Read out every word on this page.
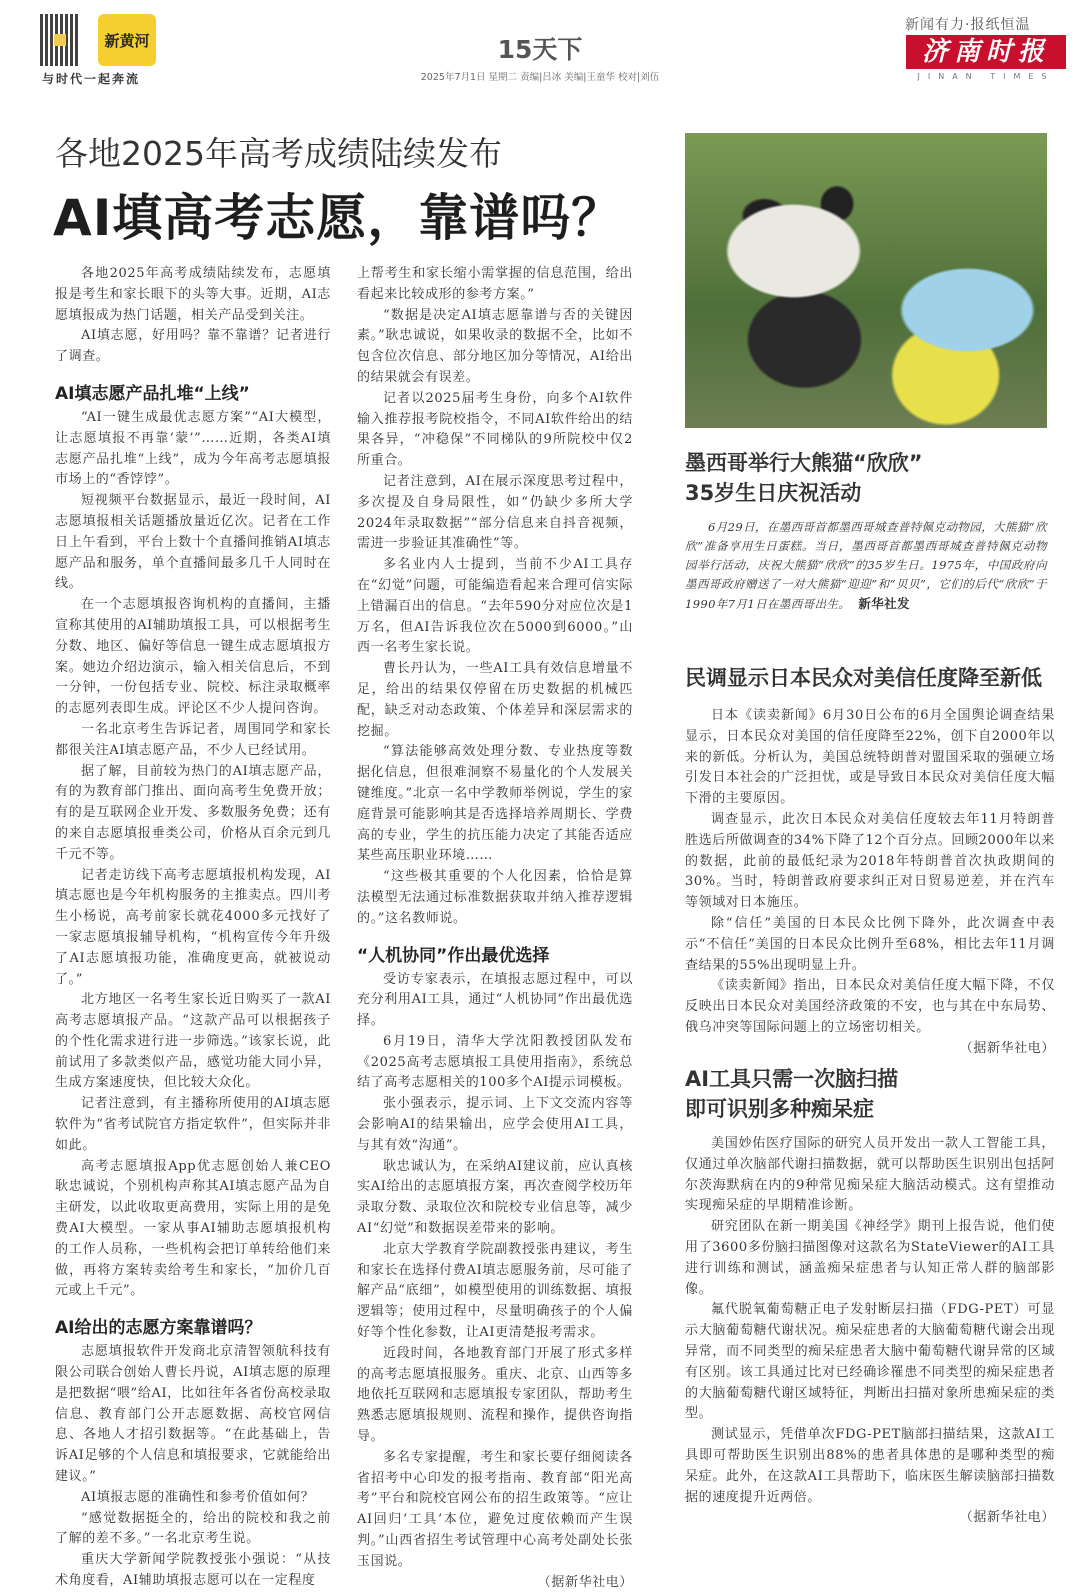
新黄河
与时代一起奔流
15天下
2025年7月1日 星期二 责编|吕冰 美编|王童华 校对|刘伍
新闻有力·报纸恒温
济南时报
JINAN TIMES
各地2025年高考成绩陆续发布
AI填高考志愿，靠谱吗？

各地2025年高考成绩陆续发布，志愿填报是考生和家长眼下的头等大事。近期，AI志愿填报成为热门话题，相关产品受到关注。

AI填志愿，好用吗？靠不靠谱？记者进行了调查。

AI填志愿产品扎堆“上线”

“AI一键生成最优志愿方案”“AI大模型，让志愿填报不再靠‘蒙’”……近期，各类AI填志愿产品扎堆“上线”，成为今年高考志愿填报市场上的“香饽饽”。

短视频平台数据显示，最近一段时间，AI志愿填报相关话题播放量近亿次。记者在工作日上午看到，平台上数十个直播间推销AI填志愿产品和服务，单个直播间最多几千人同时在线。

在一个志愿填报咨询机构的直播间，主播宣称其使用的AI辅助填报工具，可以根据考生分数、地区、偏好等信息一键生成志愿填报方案。她边介绍边演示，输入相关信息后，不到一分钟，一份包括专业、院校、标注录取概率的志愿列表即生成。评论区不少人提问咨询。

一名北京考生告诉记者，周围同学和家长都很关注AI填志愿产品，不少人已经试用。

据了解，目前较为热门的AI填志愿产品，有的为教育部门推出、面向高考生免费开放；有的是互联网企业开发、多数服务免费；还有的来自志愿填报垂类公司，价格从百余元到几千元不等。

记者走访线下高考志愿填报机构发现，AI填志愿也是今年机构服务的主推卖点。四川考生小杨说，高考前家长就花4000多元找好了一家志愿填报辅导机构，“机构宣传今年升级了AI志愿填报功能，准确度更高，就被说动了。”

北方地区一名考生家长近日购买了一款AI高考志愿填报产品。“这款产品可以根据孩子的个性化需求进行进一步筛选。”该家长说，此前试用了多款类似产品，感觉功能大同小异，生成方案速度快，但比较大众化。

记者注意到，有主播称所使用的AI填志愿软件为“省考试院官方指定软件”，但实际并非如此。

高考志愿填报App优志愿创始人兼CEO耿忠诚说，个别机构声称其AI填志愿产品为自主研发，以此收取更高费用，实际上用的是免费AI大模型。一家从事AI辅助志愿填报机构的工作人员称，一些机构会把订单转给他们来做，再将方案转卖给考生和家长，“加价几百元或上千元”。

AI给出的志愿方案靠谱吗？

志愿填报软件开发商北京清智领航科技有限公司联合创始人曹长丹说，AI填志愿的原理是把数据“喂”给AI，比如往年各省份高校录取信息、教育部门公开志愿数据、高校官网信息、各地人才招引数据等。“在此基础上，告诉AI足够的个人信息和填报要求，它就能给出建议。”

AI填报志愿的准确性和参考价值如何？

“感觉数据挺全的，给出的院校和我之前了解的差不多。”一名北京考生说。

重庆大学新闻学院教授张小强说：“从技术角度看，AI辅助填报志愿可以在一定程度

上帮考生和家长缩小需掌握的信息范围，给出看起来比较成形的参考方案。”

“数据是决定AI填志愿靠谱与否的关键因素。”耿忠诚说，如果收录的数据不全，比如不包含位次信息、部分地区加分等情况，AI给出的结果就会有误差。

记者以2025届考生身份，向多个AI软件输入推荐报考院校指令，不同AI软件给出的结果各异，“冲稳保”不同梯队的9所院校中仅2所重合。

记者注意到，AI在展示深度思考过程中，多次提及自身局限性，如“仍缺少多所大学2024年录取数据”“部分信息来自抖音视频，需进一步验证其准确性”等。

多名业内人士提到，当前不少AI工具存在“幻觉”问题，可能编造看起来合理可信实际上错漏百出的信息。“去年590分对应位次是1万名，但AI告诉我位次在5000到6000。”山西一名考生家长说。

曹长丹认为，一些AI工具有效信息增量不足，给出的结果仅停留在历史数据的机械匹配，缺乏对动态政策、个体差异和深层需求的挖掘。

“算法能够高效处理分数、专业热度等数据化信息，但很难洞察不易量化的个人发展关键维度。”北京一名中学教师举例说，学生的家庭背景可能影响其是否选择培养周期长、学费高的专业，学生的抗压能力决定了其能否适应某些高压职业环境……

“这些极其重要的个人化因素，恰恰是算法模型无法通过标准数据获取并纳入推荐逻辑的。”这名教师说。

“人机协同”作出最优选择

受访专家表示，在填报志愿过程中，可以充分利用AI工具，通过“人机协同”作出最优选择。

6月19日，清华大学沈阳教授团队发布《2025高考志愿填报工具使用指南》，系统总结了高考志愿相关的100多个AI提示词模板。

张小强表示，提示词、上下文交流内容等会影响AI的结果输出，应学会使用AI工具，与其有效“沟通”。

耿忠诚认为，在采纳AI建议前，应认真核实AI给出的志愿填报方案，再次查阅学校历年录取分数、录取位次和院校专业信息等，减少AI“幻觉”和数据误差带来的影响。

北京大学教育学院副教授张冉建议，考生和家长在选择付费AI填志愿服务前，尽可能了解产品“底细”，如模型使用的训练数据、填报逻辑等；使用过程中，尽量明确孩子的个人偏好等个性化参数，让AI更清楚报考需求。

近段时间，各地教育部门开展了形式多样的高考志愿填报服务。重庆、北京、山西等多地依托互联网和志愿填报专家团队，帮助考生熟悉志愿填报规则、流程和操作，提供咨询指导。

多名专家提醒，考生和家长要仔细阅读各省招考中心印发的报考指南、教育部“阳光高考”平台和院校官网公布的招生政策等。“应让AI回归‘工具’本位，避免过度依赖而产生误判。”山西省招生考试管理中心高考处副处长张玉国说。

（据新华社电）

墨西哥举行大熊猫“欣欣”
35岁生日庆祝活动

6月29日，在墨西哥首都墨西哥城查普特佩克动物园，大熊猫“欣欣”准备享用生日蛋糕。当日，墨西哥首都墨西哥城查普特佩克动物园举行活动，庆祝大熊猫“欣欣”的35岁生日。1975年，中国政府向墨西哥政府赠送了一对大熊猫“迎迎”和“贝贝”，它们的后代“欣欣”于1990年7月1日在墨西哥出生。 新华社发

民调显示日本民众对美信任度降至新低

日本《读卖新闻》6月30日公布的6月全国舆论调查结果显示，日本民众对美国的信任度降至22%，创下自2000年以来的新低。分析认为，美国总统特朗普对盟国采取的强硬立场引发日本社会的广泛担忧，或是导致日本民众对美信任度大幅下滑的主要原因。

调查显示，此次日本民众对美信任度较去年11月特朗普胜选后所做调查的34%下降了12个百分点。回顾2000年以来的数据，此前的最低纪录为2018年特朗普首次执政期间的30%。当时，特朗普政府要求纠正对日贸易逆差，并在汽车等领域对日本施压。

除“信任”美国的日本民众比例下降外，此次调查中表示“不信任”美国的日本民众比例升至68%，相比去年11月调查结果的55%出现明显上升。

《读卖新闻》指出，日本民众对美信任度大幅下降，不仅反映出日本民众对美国经济政策的不安，也与其在中东局势、俄乌冲突等国际问题上的立场密切相关。

（据新华社电）

AI工具只需一次脑扫描
即可识别多种痴呆症

美国妙佑医疗国际的研究人员开发出一款人工智能工具，仅通过单次脑部代谢扫描数据，就可以帮助医生识别出包括阿尔茨海默病在内的9种常见痴呆症大脑活动模式。这有望推动实现痴呆症的早期精准诊断。

研究团队在新一期美国《神经学》期刊上报告说，他们使用了3600多份脑扫描图像对这款名为StateViewer的AI工具进行训练和测试，涵盖痴呆症患者与认知正常人群的脑部影像。

氟代脱氧葡萄糖正电子发射断层扫描（FDG-PET）可显示大脑葡萄糖代谢状况。痴呆症患者的大脑葡萄糖代谢会出现异常，而不同类型的痴呆症患者大脑中葡萄糖代谢异常的区域有区别。该工具通过比对已经确诊罹患不同类型的痴呆症患者的大脑葡萄糖代谢区域特征，判断出扫描对象所患痴呆症的类型。

测试显示，凭借单次FDG-PET脑部扫描结果，这款AI工具即可帮助医生识别出88%的患者具体患的是哪种类型的痴呆症。此外，在这款AI工具帮助下，临床医生解读脑部扫描数据的速度提升近两倍。

（据新华社电）
